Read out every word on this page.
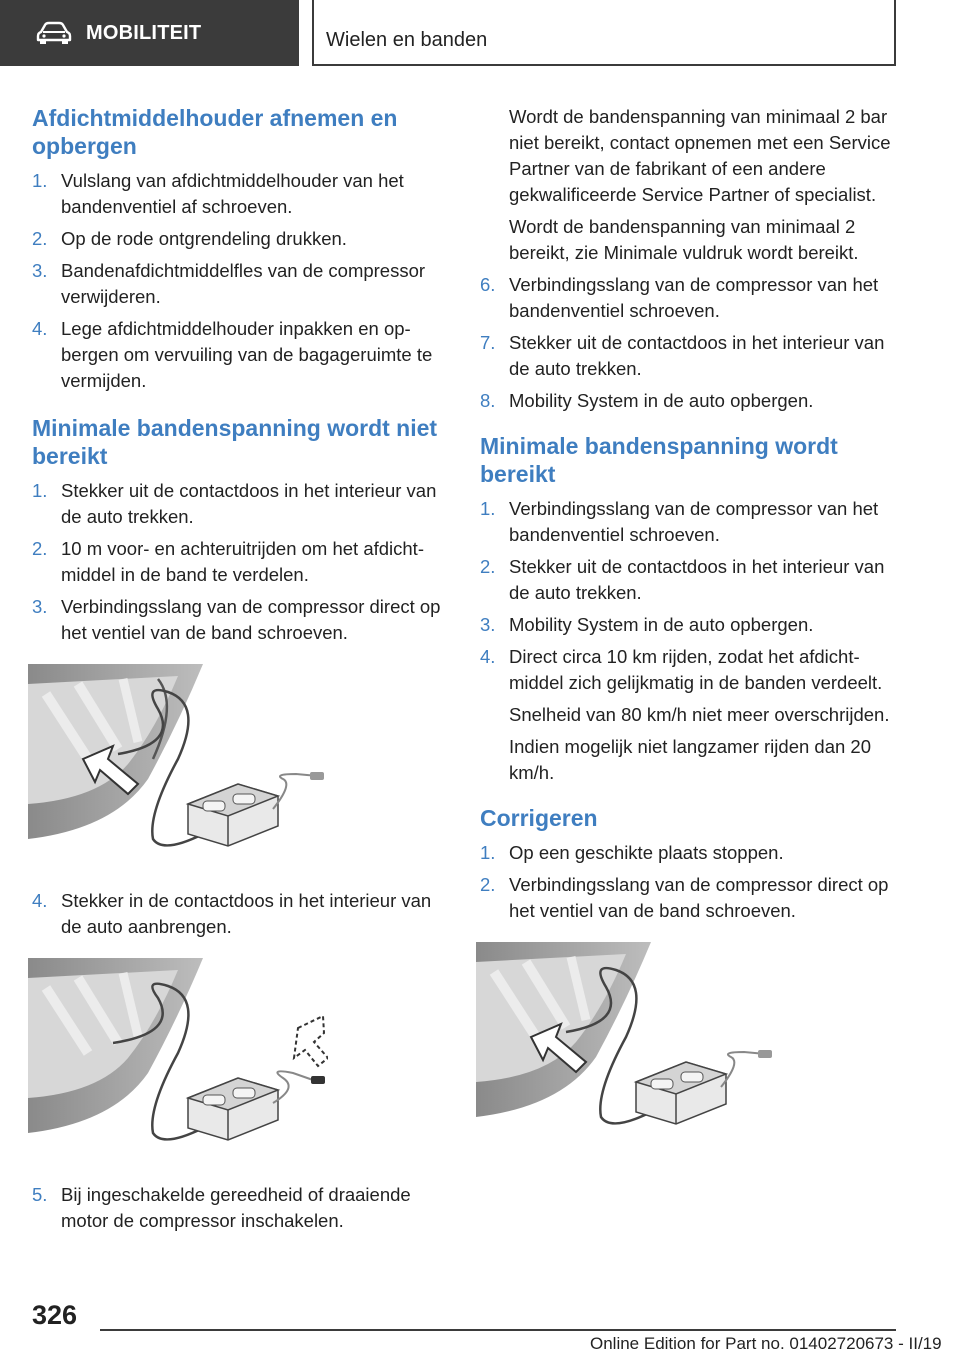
MOBILITEIT	Wielen en banden
Afdichtmiddelhouder afnemen en opbergen
1. Vulslang van afdichtmiddelhouder van het bandenventiel af schroeven.
2. Op de rode ontgrendeling drukken.
3. Bandenafdichtmiddelfles van de compressor verwijderen.
4. Lege afdichtmiddelhouder inpakken en opbergen om vervuiling van de bagageruimte te vermijden.
Minimale bandenspanning wordt niet bereikt
1. Stekker uit de contactdoos in het interieur van de auto trekken.
2. 10 m voor- en achteruitrijden om het afdichtmiddel in de band te verdelen.
3. Verbindingsslang van de compressor direct op het ventiel van de band schroeven.
4. Stekker in de contactdoos in het interieur van de auto aanbrengen.
5. Bij ingeschakelde gereedheid of draaiende motor de compressor inschakelen.

Wordt de bandenspanning van minimaal 2 bar niet bereikt, contact opnemen met een Service Partner van de fabrikant of een andere gekwalificeerde Service Partner of specialist.

Wordt de bandenspanning van minimaal 2 bereikt, zie Minimale vuldruk wordt bereikt.

6. Verbindingsslang van de compressor van het bandenventiel schroeven.
7. Stekker uit de contactdoos in het interieur van de auto trekken.
8. Mobility System in de auto opbergen.
Minimale bandenspanning wordt bereikt
1. Verbindingsslang van de compressor van het bandenventiel schroeven.
2. Stekker uit de contactdoos in het interieur van de auto trekken.
3. Mobility System in de auto opbergen.
4. Direct circa 10 km rijden, zodat het afdichtmiddel zich gelijkmatig in de banden verdeelt.

Snelheid van 80 km/h niet meer overschrijden.

Indien mogelijk niet langzamer rijden dan 20 km/h.

Corrigeren
1. Op een geschikte plaats stoppen.
2. Verbindingsslang van de compressor direct op het ventiel van de band schroeven.
326
Online Edition for Part no. 01402720673 - II/19
